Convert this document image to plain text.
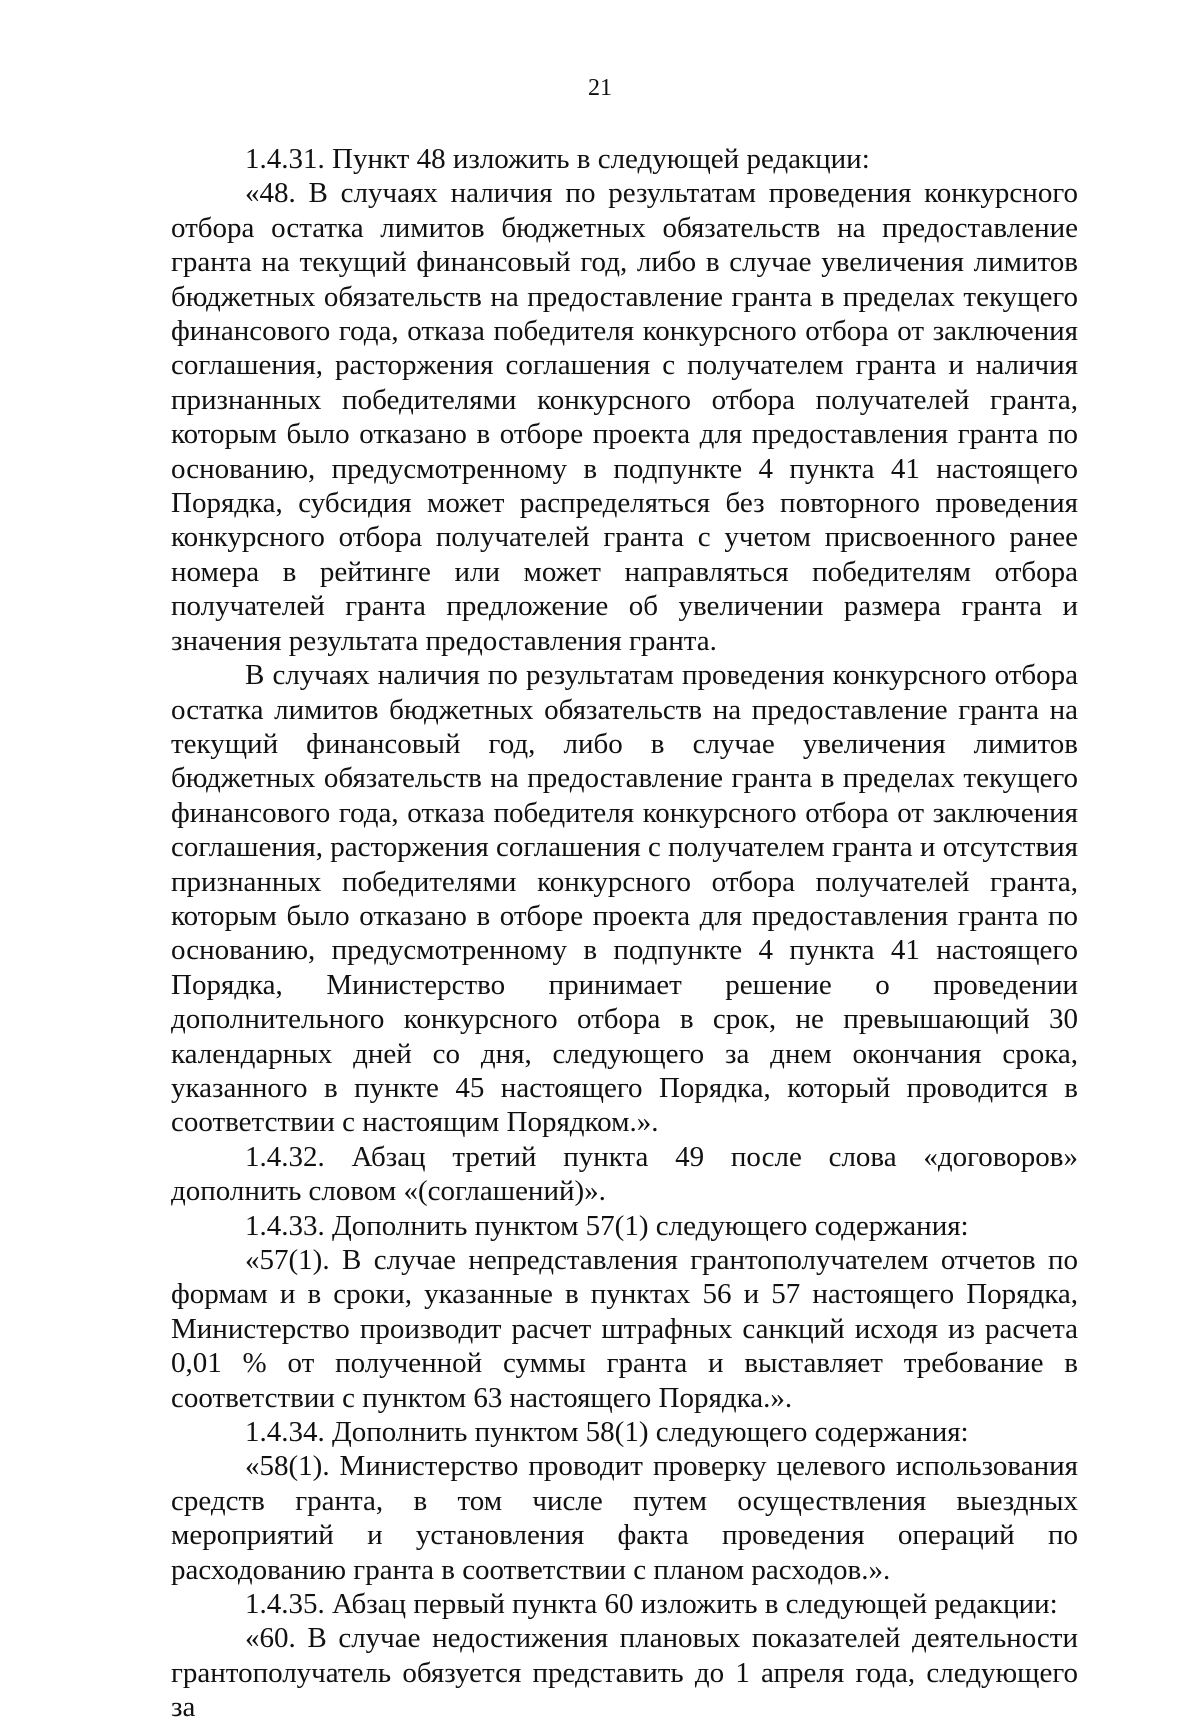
21

1.4.31. Пункт 48 изложить в следующей редакции:

«48. В случаях наличия по результатам проведения конкурсного отбора остатка лимитов бюджетных обязательств на предоставление гранта на текущий финансовый год, либо в случае увеличения лимитов бюджетных обязательств на предоставление гранта в пределах текущего финансового года, отказа победителя конкурсного отбора от заключения соглашения, расторжения соглашения с получателем гранта и наличия признанных победителями конкурсного отбора получателей гранта, которым было отказано в отборе проекта для предоставления гранта по основанию, предусмотренному в подпункте 4 пункта 41 настоящего Порядка, субсидия может распределяться без повторного проведения конкурсного отбора получателей гранта с учетом присвоенного ранее номера в рейтинге или может направляться победителям отбора получателей гранта предложение об увеличении размера гранта и значения результата предоставления гранта.

В случаях наличия по результатам проведения конкурсного отбора остатка лимитов бюджетных обязательств на предоставление гранта на текущий финансовый год, либо в случае увеличения лимитов бюджетных обязательств на предоставление гранта в пределах текущего финансового года, отказа победителя конкурсного отбора от заключения соглашения, расторжения соглашения с получателем гранта и отсутствия признанных победителями конкурсного отбора получателей гранта, которым было отказано в отборе проекта для предоставления гранта по основанию, предусмотренному в подпункте 4 пункта 41 настоящего Порядка, Министерство принимает решение о проведении дополнительного конкурсного отбора в срок, не превышающий 30 календарных дней со дня, следующего за днем окончания срока, указанного в пункте 45 настоящего Порядка, который проводится в соответствии с настоящим Порядком.».

1.4.32. Абзац третий пункта 49 после слова «договоров» дополнить словом «(соглашений)».

1.4.33. Дополнить пунктом 57(1) следующего содержания:

«57(1). В случае непредставления грантополучателем отчетов по формам и в сроки, указанные в пунктах 56 и 57 настоящего Порядка, Министерство производит расчет штрафных санкций исходя из расчета 0,01 % от полученной суммы гранта и выставляет требование в соответствии с пунктом 63 настоящего Порядка.».

1.4.34. Дополнить пунктом 58(1) следующего содержания:

«58(1). Министерство проводит проверку целевого использования средств гранта, в том числе путем осуществления выездных мероприятий и установления факта проведения операций по расходованию гранта в соответствии с планом расходов.».

1.4.35. Абзац первый пункта 60 изложить в следующей редакции:

«60. В случае недостижения плановых показателей деятельности грантополучатель обязуется представить до 1 апреля года, следующего за
